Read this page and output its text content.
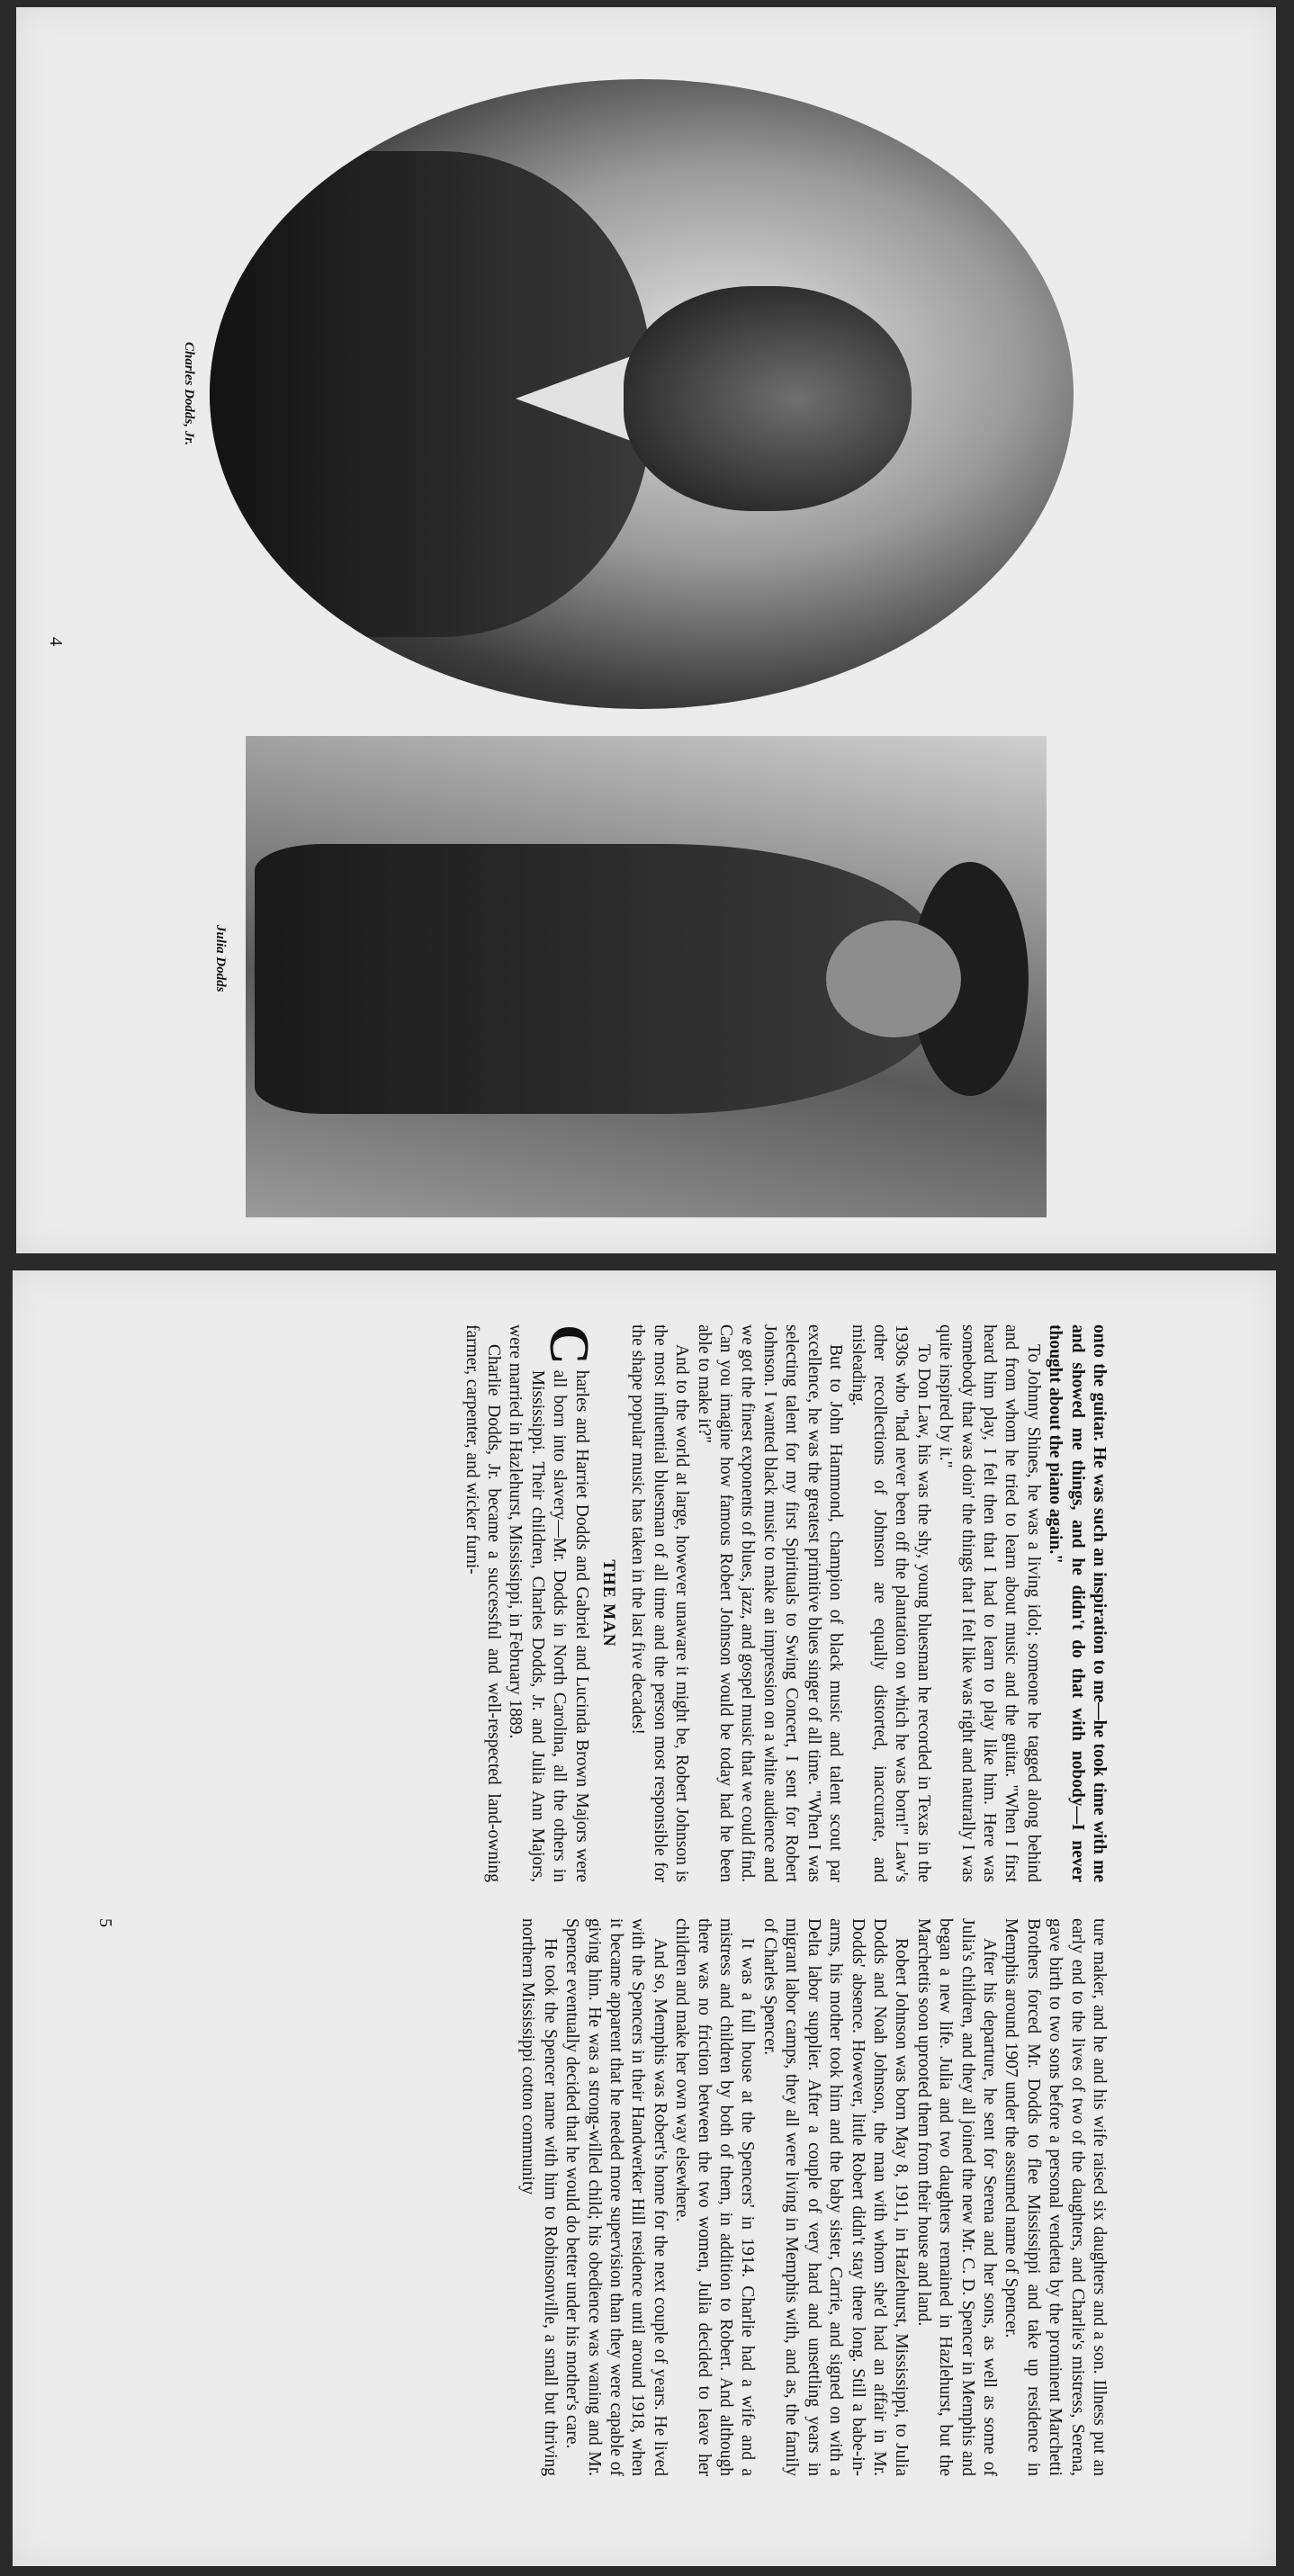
Charles Dodds, Jr.
Julia Dodds
4

onto the guitar. He was such an inspiration to me—he took time with me and showed me things, and he didn't do that with nobody—I never thought about the piano again."

To Johnny Shines, he was a living idol; someone he tagged along behind and from whom he tried to learn about music and the guitar. "When I first heard him play, I felt then that I had to learn to play like him. Here was somebody that was doin' the things that I felt like was right and naturally I was quite inspired by it."

To Don Law, his was the shy, young bluesman he recorded in Texas in the 1930s who "had never been off the plantation on which he was born!" Law's other recollections of Johnson are equally distorted, inaccurate, and misleading.

But to John Hammond, champion of black music and talent scout par excellence, he was the greatest primitive blues singer of all time. "When I was selecting talent for my first Spirituals to Swing Concert, I sent for Robert Johnson. I wanted black music to make an impression on a white audience and we got the finest exponents of blues, jazz, and gospel music that we could find. Can you imagine how famous Robert Johnson would be today had he been able to make it?"

And to the world at large, however unaware it might be, Robert Johnson is the most influential bluesman of all time and the person most responsible for the shape popular music has taken in the last five decades!

THE MAN

C
harles and Harriet Dodds and Gabriel and Lucinda Brown Majors were all born into slavery—Mr. Dodds in North Carolina, all the others in Mississippi. Their children, Charles Dodds, Jr. and Julia Ann Majors, were married in Hazlehurst, Mississippi, in February 1889.

Charlie Dodds, Jr. became a successful and well-respected land-owning farmer, carpenter, and wicker furni-

ture maker, and he and his wife raised six daughters and a son. Illness put an early end to the lives of two of the daughters, and Charlie's mistress, Serena, gave birth to two sons before a personal vendetta by the prominent Marchetti Brothers forced Mr. Dodds to flee Mississippi and take up residence in Memphis around 1907 under the assumed name of Spencer.

After his departure, he sent for Serena and her sons, as well as some of Julia's children, and they all joined the new Mr. C. D. Spencer in Memphis and began a new life. Julia and two daughters remained in Hazlehurst, but the Marchettis soon uprooted them from their house and land.

Robert Johnson was born May 8, 1911, in Hazlehurst, Mississippi, to Julia Dodds and Noah Johnson, the man with whom she'd had an affair in Mr. Dodds' absence. However, little Robert didn't stay there long. Still a babe-in-arms, his mother took him and the baby sister, Carrie, and signed on with a Delta labor supplier. After a couple of very hard and unsettling years in migrant labor camps, they all were living in Memphis with, and as, the family of Charles Spencer.

It was a full house at the Spencers' in 1914. Charlie had a wife and a mistress and children by both of them, in addition to Robert. And although there was no friction between the two women, Julia decided to leave her children and make her own way elsewhere.

And so, Memphis was Robert's home for the next couple of years. He lived with the Spencers in their Handwerker Hill residence until around 1918, when it became apparent that he needed more supervision than they were capable of giving him. He was a strong-willed child; his obedience was waning and Mr. Spencer eventually decided that he would do better under his mother's care.

He took the Spencer name with him to Robinsonville, a small but thriving northern Mississippi cotton community

5
